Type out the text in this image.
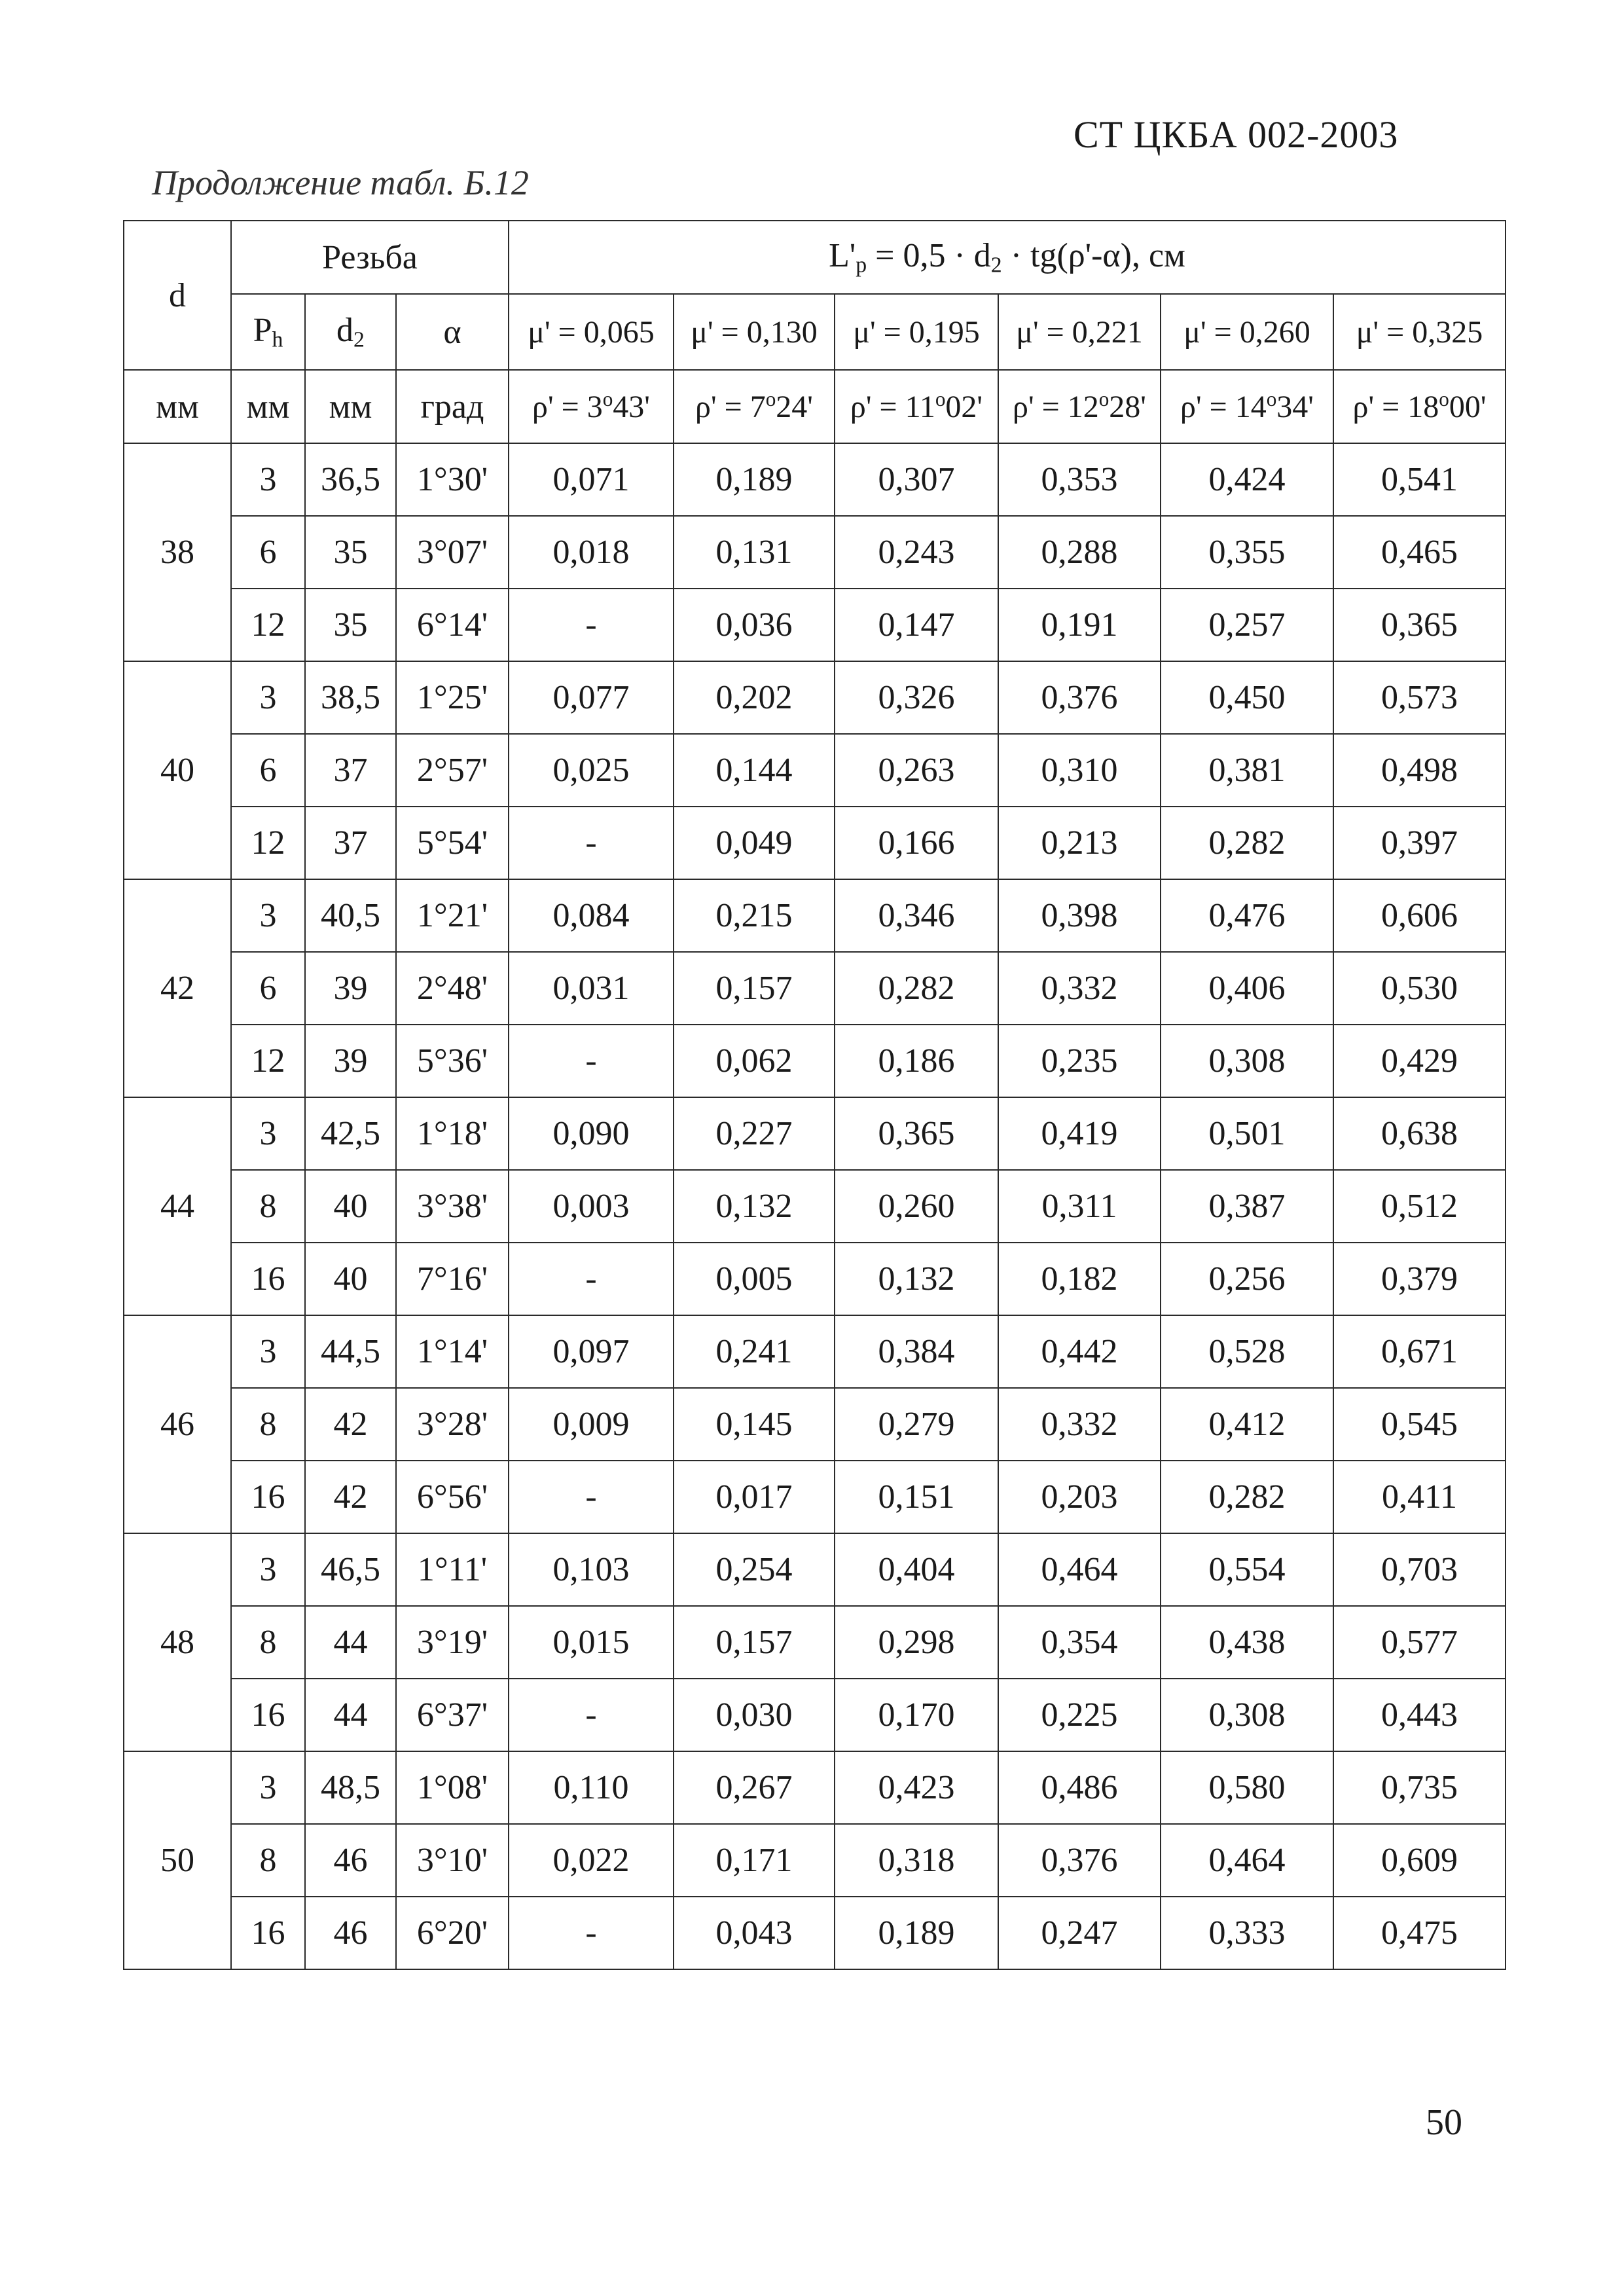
СТ ЦКБА 002-2003
Продолжение табл. Б.12
d	Резьба			$L'_p = 0,5 \cdot d_2 \cdot tg(\rho'-\alpha)$, см					
	$P_h$	$d_2$	α	μ' = 0,065	μ' = 0,130	μ' = 0,195	μ' = 0,221	μ' = 0,260	μ' = 0,325
мм	мм	мм	град	$\rho' = 3^o43'$	$\rho' = 7^o24'$	$\rho' = 11^o02'$	$\rho' = 12^o28'$	$\rho' = 14^o34'$	$\rho' = 18^o00'$
38	3	36,5	1°30'	0,071	0,189	0,307	0,353	0,424	0,541
	6	35	3°07'	0,018	0,131	0,243	0,288	0,355	0,465
	12	35	6°14'	-	0,036	0,147	0,191	0,257	0,365
40	3	38,5	1°25'	0,077	0,202	0,326	0,376	0,450	0,573
	6	37	2°57'	0,025	0,144	0,263	0,310	0,381	0,498
	12	37	5°54'	-	0,049	0,166	0,213	0,282	0,397
42	3	40,5	1°21'	0,084	0,215	0,346	0,398	0,476	0,606
	6	39	2°48'	0,031	0,157	0,282	0,332	0,406	0,530
	12	39	5°36'	-	0,062	0,186	0,235	0,308	0,429
44	3	42,5	1°18'	0,090	0,227	0,365	0,419	0,501	0,638
	8	40	3°38'	0,003	0,132	0,260	0,311	0,387	0,512
	16	40	7°16'	-	0,005	0,132	0,182	0,256	0,379
46	3	44,5	1°14'	0,097	0,241	0,384	0,442	0,528	0,671
	8	42	3°28'	0,009	0,145	0,279	0,332	0,412	0,545
	16	42	6°56'	-	0,017	0,151	0,203	0,282	0,411
48	3	46,5	1°11'	0,103	0,254	0,404	0,464	0,554	0,703
	8	44	3°19'	0,015	0,157	0,298	0,354	0,438	0,577
	16	44	6°37'	-	0,030	0,170	0,225	0,308	0,443
50	3	48,5	1°08'	0,110	0,267	0,423	0,486	0,580	0,735
	8	46	3°10'	0,022	0,171	0,318	0,376	0,464	0,609
	16	46	6°20'	-	0,043	0,189	0,247	0,333	0,475
50
